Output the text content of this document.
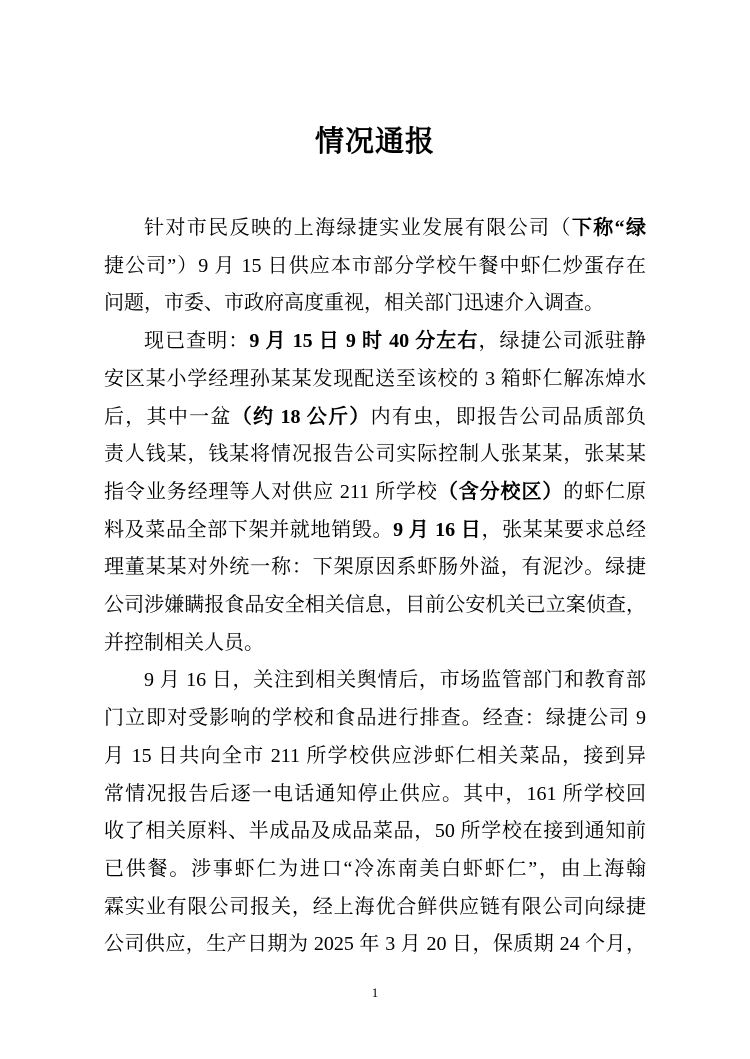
情况通报
针对市民反映的上海绿捷实业发展有限公司（下称“绿
捷公司”）9 月 15 日供应本市部分学校午餐中虾仁炒蛋存在
问题，市委、市政府高度重视，相关部门迅速介入调查。
现已查明：9 月 15 日 9 时 40 分左右，绿捷公司派驻静
安区某小学经理孙某某发现配送至该校的 3 箱虾仁解冻焯水
后，其中一盆（约 18 公斤）内有虫，即报告公司品质部负
责人钱某，钱某将情况报告公司实际控制人张某某，张某某
指令业务经理等人对供应 211 所学校（含分校区）的虾仁原
料及菜品全部下架并就地销毁。9 月 16 日，张某某要求总经
理董某某对外统一称：下架原因系虾肠外溢，有泥沙。绿捷
公司涉嫌瞒报食品安全相关信息，目前公安机关已立案侦查，
并控制相关人员。
9 月 16 日，关注到相关舆情后，市场监管部门和教育部
门立即对受影响的学校和食品进行排查。经查：绿捷公司 9
月 15 日共向全市 211 所学校供应涉虾仁相关菜品，接到异
常情况报告后逐一电话通知停止供应。其中，161 所学校回
收了相关原料、半成品及成品菜品，50 所学校在接到通知前
已供餐。涉事虾仁为进口“冷冻南美白虾虾仁”，由上海翰
霖实业有限公司报关，经上海优合鲜供应链有限公司向绿捷
公司供应，生产日期为 2025 年 3 月 20 日，保质期 24 个月，
1
